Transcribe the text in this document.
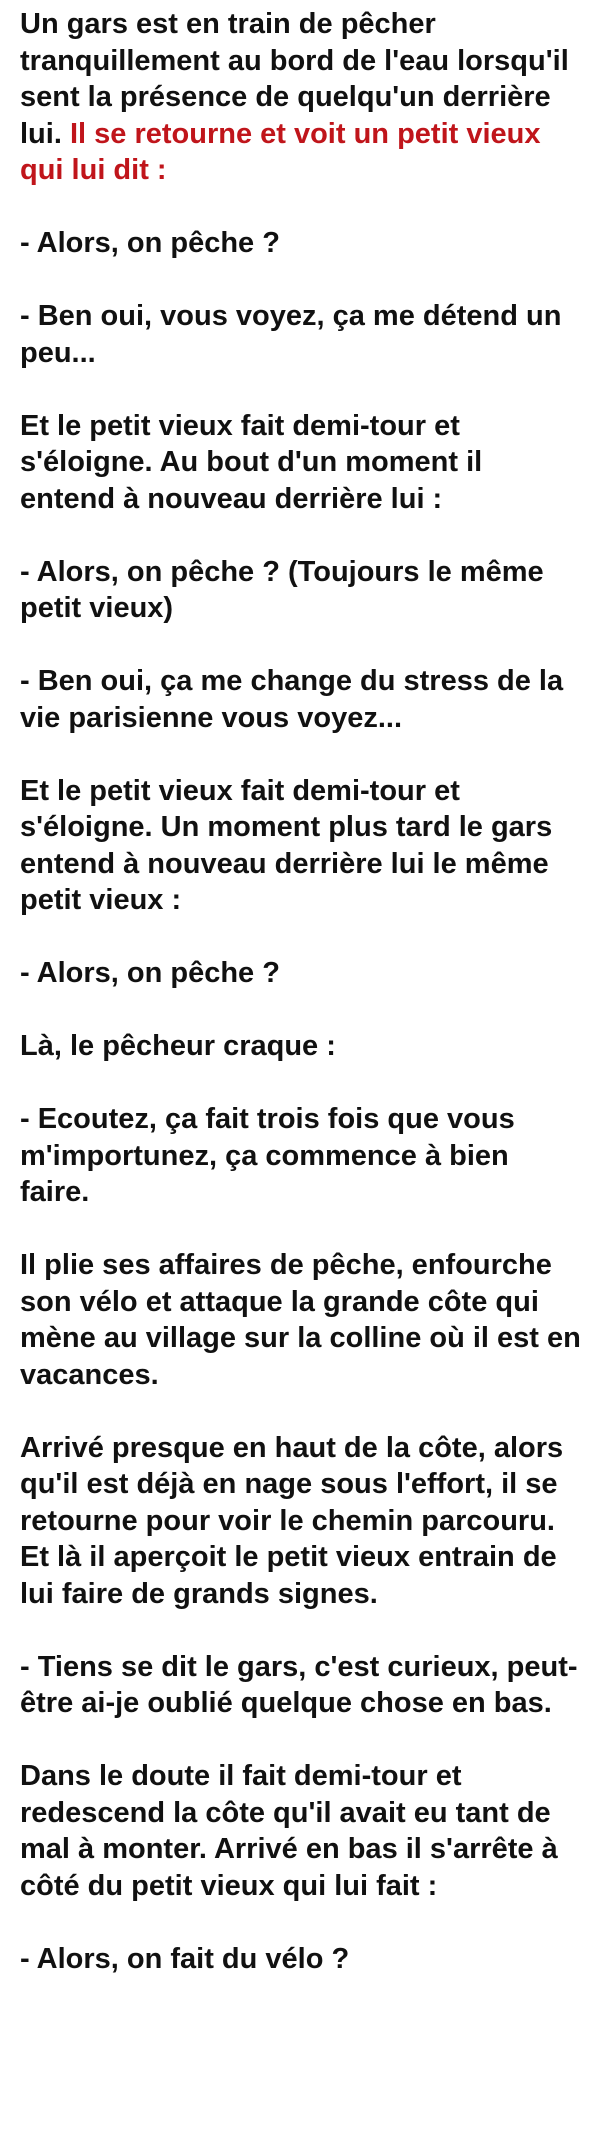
Un gars est en train de pêcher tranquillement au bord de l'eau lorsqu'il sent la présence de quelqu'un derrière lui. Il se retourne et voit un petit vieux qui lui dit :

- Alors, on pêche ?

- Ben oui, vous voyez, ça me détend un peu...

Et le petit vieux fait demi-tour et s'éloigne. Au bout d'un moment il entend à nouveau derrière lui :

- Alors, on pêche ? (Toujours le même petit vieux)

- Ben oui, ça me change du stress de la vie parisienne vous voyez...

Et le petit vieux fait demi-tour et s'éloigne. Un moment plus tard le gars entend à nouveau derrière lui le même petit vieux :

- Alors, on pêche ?

Là, le pêcheur craque :

- Ecoutez, ça fait trois fois que vous m'importunez, ça commence à bien faire.

Il plie ses affaires de pêche, enfourche son vélo et attaque la grande côte qui mène au village sur la colline où il est en vacances.

Arrivé presque en haut de la côte, alors qu'il est déjà en nage sous l'effort, il se retourne pour voir le chemin parcouru. Et là il aperçoit le petit vieux entrain de lui faire de grands signes.

- Tiens se dit le gars, c'est curieux, peut-être ai-je oublié quelque chose en bas.

Dans le doute il fait demi-tour et redescend la côte qu'il avait eu tant de mal à monter. Arrivé en bas il s'arrête à côté du petit vieux qui lui fait :

- Alors, on fait du vélo ?
